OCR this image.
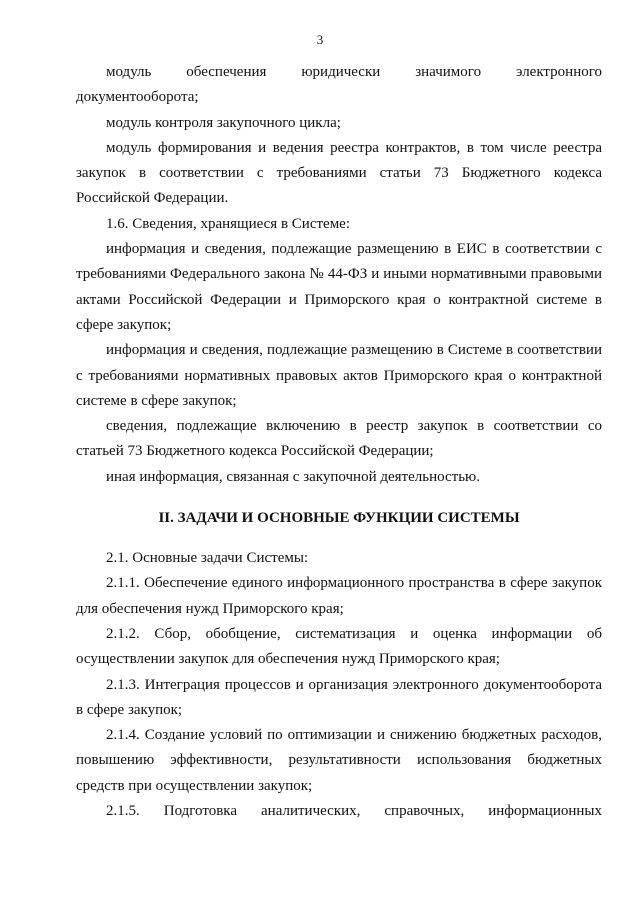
3

модуль обеспечения юридически значимого электронного документооборота;

модуль контроля закупочного цикла;

модуль формирования и ведения реестра контрактов, в том числе реестра закупок в соответствии с требованиями статьи 73 Бюджетного кодекса Российской Федерации.

1.6. Сведения, хранящиеся в Системе:

информация и сведения, подлежащие размещению в ЕИС в соответствии с требованиями Федерального закона № 44-ФЗ и иными нормативными правовыми актами Российской Федерации и Приморского края о контрактной системе в сфере закупок;

информация и сведения, подлежащие размещению в Системе в соответствии с требованиями нормативных правовых актов Приморского края о контрактной системе в сфере закупок;

сведения, подлежащие включению в реестр закупок в соответствии со статьей 73 Бюджетного кодекса Российской Федерации;

иная информация, связанная с закупочной деятельностью.

II. ЗАДАЧИ И ОСНОВНЫЕ ФУНКЦИИ СИСТЕМЫ

2.1. Основные задачи Системы:

2.1.1. Обеспечение единого информационного пространства в сфере закупок для обеспечения нужд Приморского края;

2.1.2. Сбор, обобщение, систематизация и оценка информации об осуществлении закупок для обеспечения нужд Приморского края;

2.1.3. Интеграция процессов и организация электронного документооборота в сфере закупок;

2.1.4. Создание условий по оптимизации и снижению бюджетных расходов, повышению эффективности, результативности использования бюджетных средств при осуществлении закупок;

2.1.5. Подготовка аналитических, справочных, информационных
